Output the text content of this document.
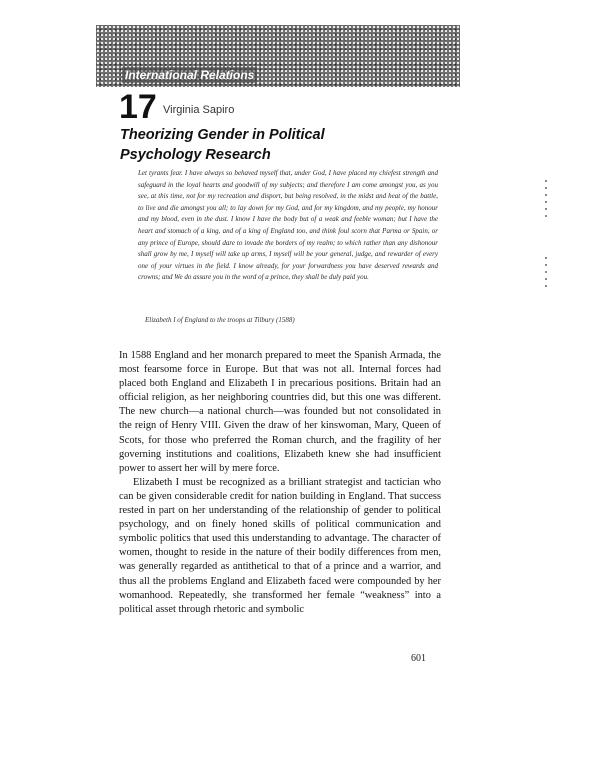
International Relations
17 Virginia Sapiro
Theorizing Gender in Political Psychology Research
Let tyrants fear. I have always so behaved myself that, under God, I have placed my chiefest strength and safeguard in the loyal hearts and goodwill of my subjects; and therefore I am come amongst you, as you see, at this time, not for my recreation and disport, but being resolved, in the midst and heat of the battle, to live and die amongst you all; to lay down for my God, and for my kingdom, and my people, my honour and my blood, even in the dust. I know I have the body but of a weak and feeble woman; but I have the heart and stomach of a king, and of a king of England too, and think foul scorn that Parma or Spain, or any prince of Europe, should dare to invade the borders of my realm; to which rather than any dishonour shall grow by me, I myself will take up arms, I myself will be your general, judge, and rewarder of every one of your virtues in the field. I know already, for your forwardness you have deserved rewards and crowns; and We do assure you in the word of a prince, they shall be duly paid you.
Elizabeth I of England to the troops at Tilbury (1588)

In 1588 England and her monarch prepared to meet the Spanish Armada, the most fearsome force in Europe. But that was not all. Internal forces had placed both England and Elizabeth I in precarious positions. Britain had an official religion, as her neighboring countries did, but this one was different. The new church—a national church—was founded but not consolidated in the reign of Henry VIII. Given the draw of her kinswoman, Mary, Queen of Scots, for those who preferred the Roman church, and the fragility of her governing institutions and coalitions, Elizabeth knew she had insufficient power to assert her will by mere force.

Elizabeth I must be recognized as a brilliant strategist and tactician who can be given considerable credit for nation building in England. That success rested in part on her understanding of the relationship of gender to political psychology, and on finely honed skills of political communication and symbolic politics that used this understanding to advantage. The character of women, thought to reside in the nature of their bodily differences from men, was generally regarded as antithetical to that of a prince and a warrior, and thus all the problems England and Elizabeth faced were compounded by her womanhood. Repeatedly, she transformed her female “weakness” into a political asset through rhetoric and symbolic

601
